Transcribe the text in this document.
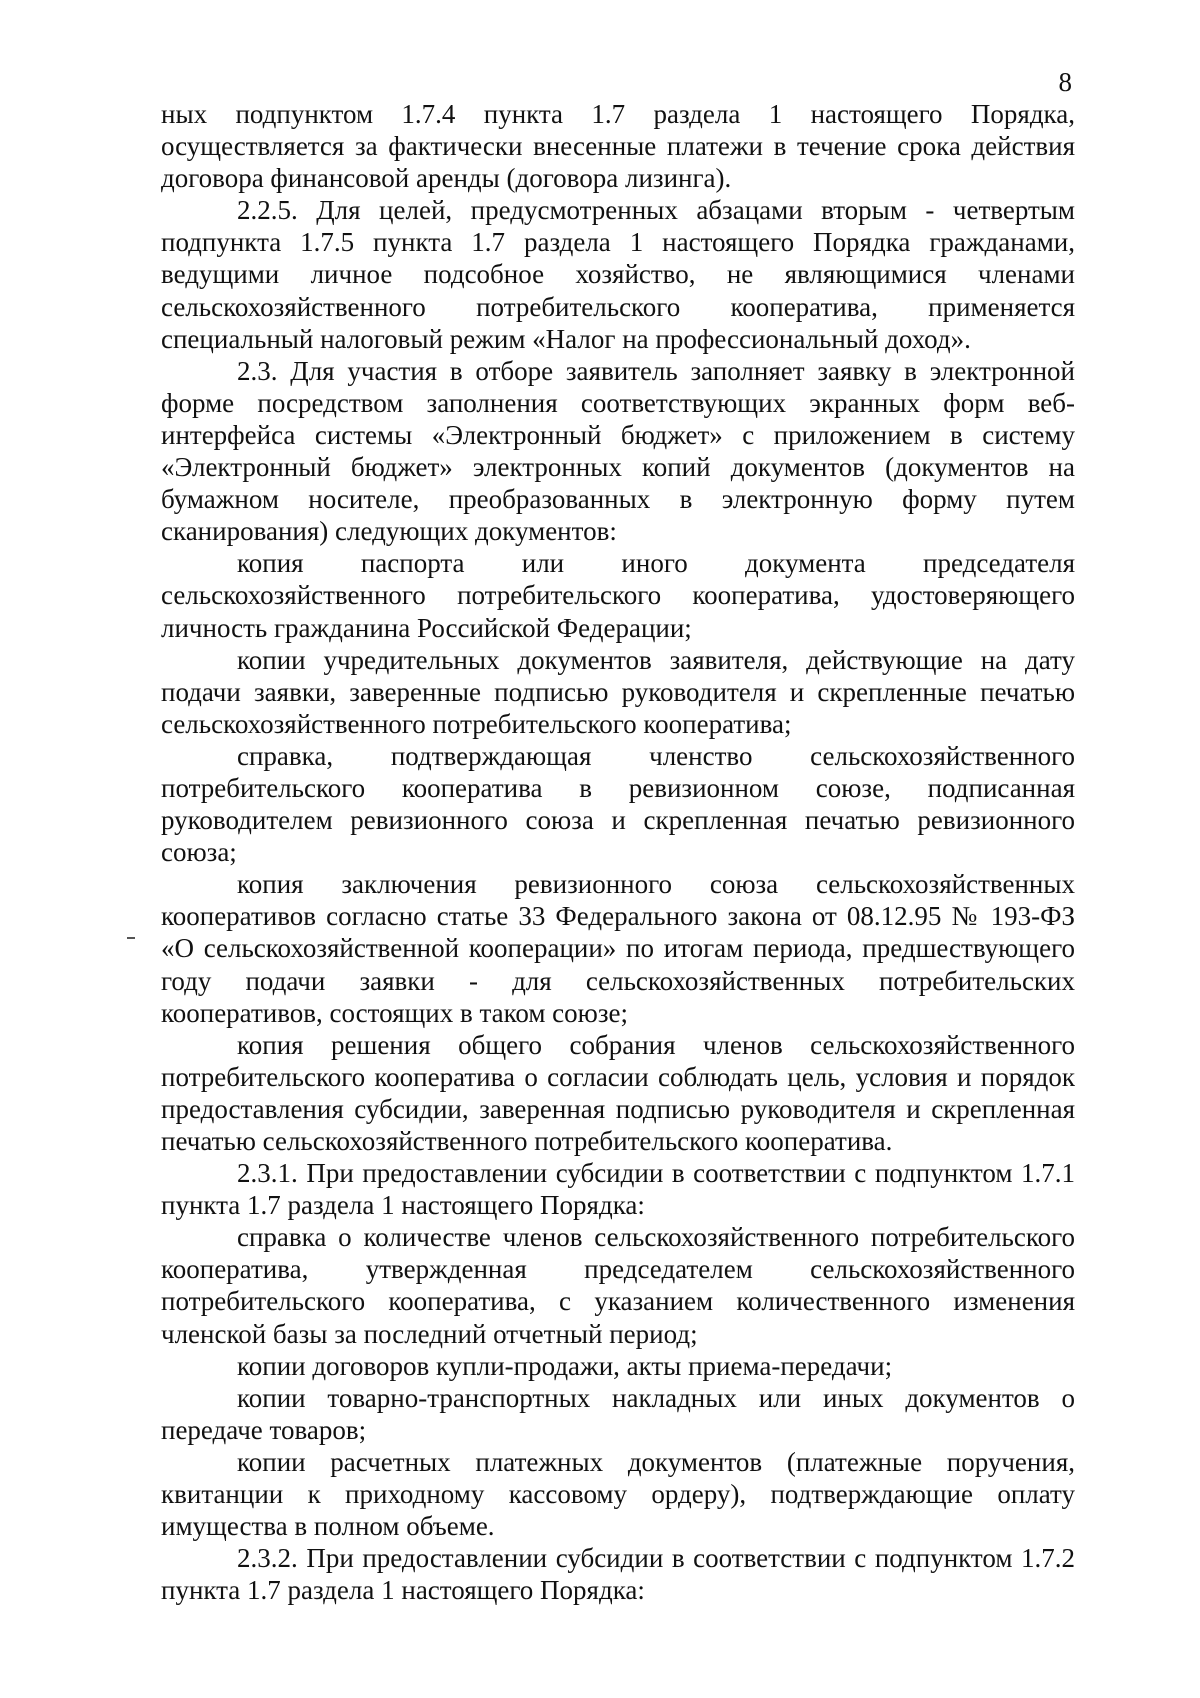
8

ных подпунктом 1.7.4 пункта 1.7 раздела 1 настоящего Порядка, осуществляется за фактически внесенные платежи в течение срока действия договора финансовой аренды (договора лизинга).

2.2.5. Для целей, предусмотренных абзацами вторым - четвертым подпункта 1.7.5 пункта 1.7 раздела 1 настоящего Порядка гражданами, ведущими личное подсобное хозяйство, не являющимися членами сельскохозяйственного потребительского кооператива, применяется специальный налоговый режим «Налог на профессиональный доход».

2.3. Для участия в отборе заявитель заполняет заявку в электронной форме посредством заполнения соответствующих экранных форм веб-интерфейса системы «Электронный бюджет» с приложением в систему «Электронный бюджет» электронных копий документов (документов на бумажном носителе, преобразованных в электронную форму путем сканирования) следующих документов:

копия паспорта или иного документа председателя сельскохозяйственного потребительского кооператива, удостоверяющего личность гражданина Российской Федерации;

копии учредительных документов заявителя, действующие на дату подачи заявки, заверенные подписью руководителя и скрепленные печатью сельскохозяйственного потребительского кооператива;

справка, подтверждающая членство сельскохозяйственного потребительского кооператива в ревизионном союзе, подписанная руководителем ревизионного союза и скрепленная печатью ревизионного союза;

копия заключения ревизионного союза сельскохозяйственных кооперативов согласно статье 33 Федерального закона от 08.12.95 № 193-ФЗ «О сельскохозяйственной кооперации» по итогам периода, предшествующего году подачи заявки - для сельскохозяйственных потребительских кооперативов, состоящих в таком союзе;

копия решения общего собрания членов сельскохозяйственного потребительского кооператива о согласии соблюдать цель, условия и порядок предоставления субсидии, заверенная подписью руководителя и скрепленная печатью сельскохозяйственного потребительского кооператива.

2.3.1. При предоставлении субсидии в соответствии с подпунктом 1.7.1 пункта 1.7 раздела 1 настоящего Порядка:

справка о количестве членов сельскохозяйственного потребительского кооператива, утвержденная председателем сельскохозяйственного потребительского кооператива, с указанием количественного изменения членской базы за последний отчетный период;

копии договоров купли-продажи, акты приема-передачи;

копии товарно-транспортных накладных или иных документов о передаче товаров;

копии расчетных платежных документов (платежные поручения, квитанции к приходному кассовому ордеру), подтверждающие оплату имущества в полном объеме.

2.3.2. При предоставлении субсидии в соответствии с подпунктом 1.7.2 пункта 1.7 раздела 1 настоящего Порядка:
